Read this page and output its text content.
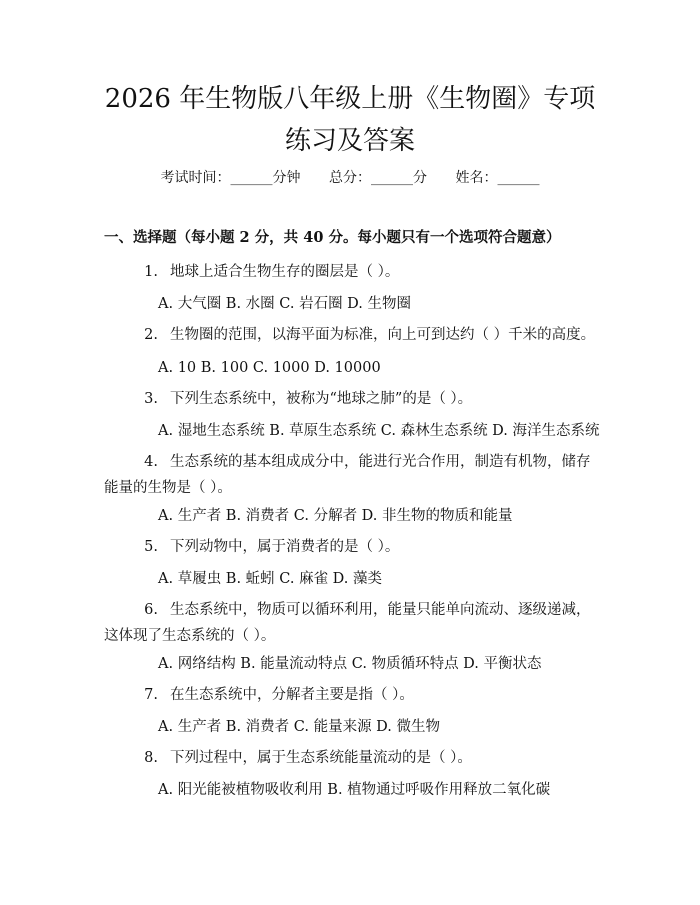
2026 年生物版八年级上册《生物圈》专项练习及答案
考试时间：______分钟 总分：______分 姓名：______

一、选择题（每小题 2 分，共 40 分。每小题只有一个选项符合题意）

1. 地球上适合生物生存的圈层是（ ）。

A. 大气圈 B. 水圈 C. 岩石圈 D. 生物圈

2. 生物圈的范围，以海平面为标准，向上可到达约（ ）千米的高度。

A. 10 B. 100 C. 1000 D. 10000

3. 下列生态系统中，被称为“地球之肺”的是（ ）。

A. 湿地生态系统 B. 草原生态系统 C. 森林生态系统 D. 海洋生态系统

4. 生态系统的基本组成成分中，能进行光合作用，制造有机物，储存能量的生物是（ ）。

A. 生产者 B. 消费者 C. 分解者 D. 非生物的物质和能量

5. 下列动物中，属于消费者的是（ ）。

A. 草履虫 B. 蚯蚓 C. 麻雀 D. 藻类

6. 生态系统中，物质可以循环利用，能量只能单向流动、逐级递减，这体现了生态系统的（ ）。

A. 网络结构 B. 能量流动特点 C. 物质循环特点 D. 平衡状态

7. 在生态系统中，分解者主要是指（ ）。

A. 生产者 B. 消费者 C. 能量来源 D. 微生物

8. 下列过程中，属于生态系统能量流动的是（ ）。

A. 阳光能被植物吸收利用 B. 植物通过呼吸作用释放二氧化碳
